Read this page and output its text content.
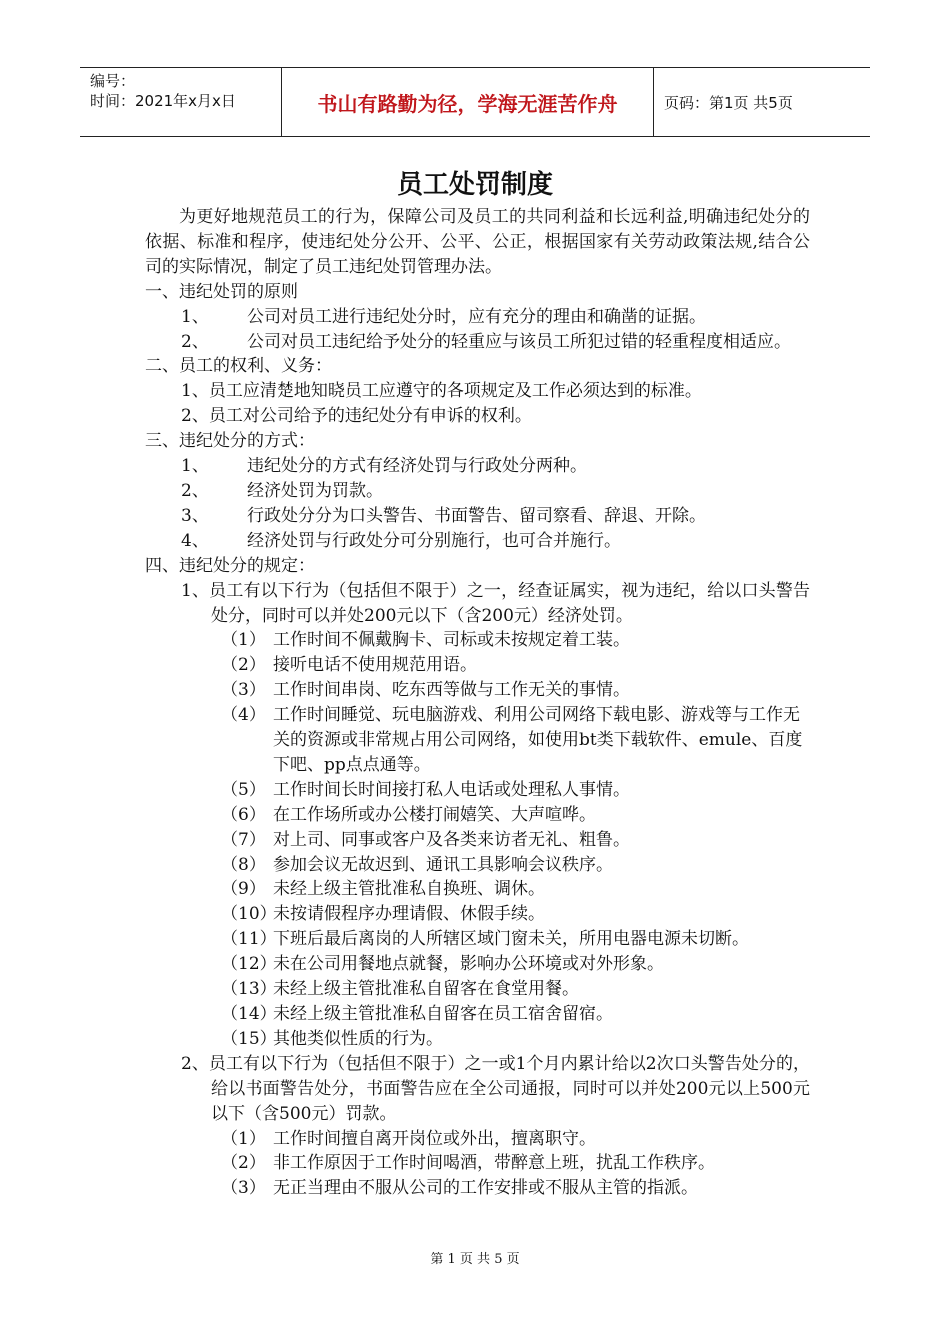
编号：
时间：2021年x月x日	书山有路勤为径，学海无涯苦作舟	页码：第1页 共5页
员工处罚制度

为更好地规范员工的行为，保障公司及员工的共同利益和长远利益,明确违纪处分的依据、标准和程序，使违纪处分公开、公平、公正，根据国家有关劳动政策法规,结合公司的实际情况，制定了员工违纪处罚管理办法。

一、违纪处罚的原则

1、 公司对员工进行违纪处分时，应有充分的理由和确凿的证据。

2、 公司对员工违纪给予处分的轻重应与该员工所犯过错的轻重程度相适应。

二、员工的权利、义务：

1、员工应清楚地知晓员工应遵守的各项规定及工作必须达到的标准。

2、员工对公司给予的违纪处分有申诉的权利。

三、违纪处分的方式：

1、 违纪处分的方式有经济处罚与行政处分两种。

2、 经济处罚为罚款。

3、 行政处分分为口头警告、书面警告、留司察看、辞退、开除。

4、 经济处罚与行政处分可分别施行，也可合并施行。

四、违纪处分的规定：

1、员工有以下行为（包括但不限于）之一，经查证属实，视为违纪，给以口头警告处分，同时可以并处200元以下（含200元）经济处罚。

（1） 工作时间不佩戴胸卡、司标或未按规定着工装。

（2） 接听电话不使用规范用语。

（3） 工作时间串岗、吃东西等做与工作无关的事情。

（4） 工作时间睡觉、玩电脑游戏、利用公司网络下载电影、游戏等与工作无关的资源或非常规占用公司网络，如使用bt类下载软件、emule、百度下吧、pp点点通等。

（5） 工作时间长时间接打私人电话或处理私人事情。

（6） 在工作场所或办公楼打闹嬉笑、大声喧哗。

（7） 对上司、同事或客户及各类来访者无礼、粗鲁。

（8） 参加会议无故迟到、通讯工具影响会议秩序。

（9） 未经上级主管批准私自换班、调休。

（10）未按请假程序办理请假、休假手续。

（11）下班后最后离岗的人所辖区域门窗未关，所用电器电源未切断。

（12）未在公司用餐地点就餐，影响办公环境或对外形象。

（13）未经上级主管批准私自留客在食堂用餐。

（14）未经上级主管批准私自留客在员工宿舍留宿。

（15）其他类似性质的行为。

2、员工有以下行为（包括但不限于）之一或1个月内累计给以2次口头警告处分的，给以书面警告处分，书面警告应在全公司通报，同时可以并处200元以上500元以下（含500元）罚款。

（1） 工作时间擅自离开岗位或外出，擅离职守。

（2） 非工作原因于工作时间喝酒，带醉意上班，扰乱工作秩序。

（3） 无正当理由不服从公司的工作安排或不服从主管的指派。

第 1 页 共 5 页
